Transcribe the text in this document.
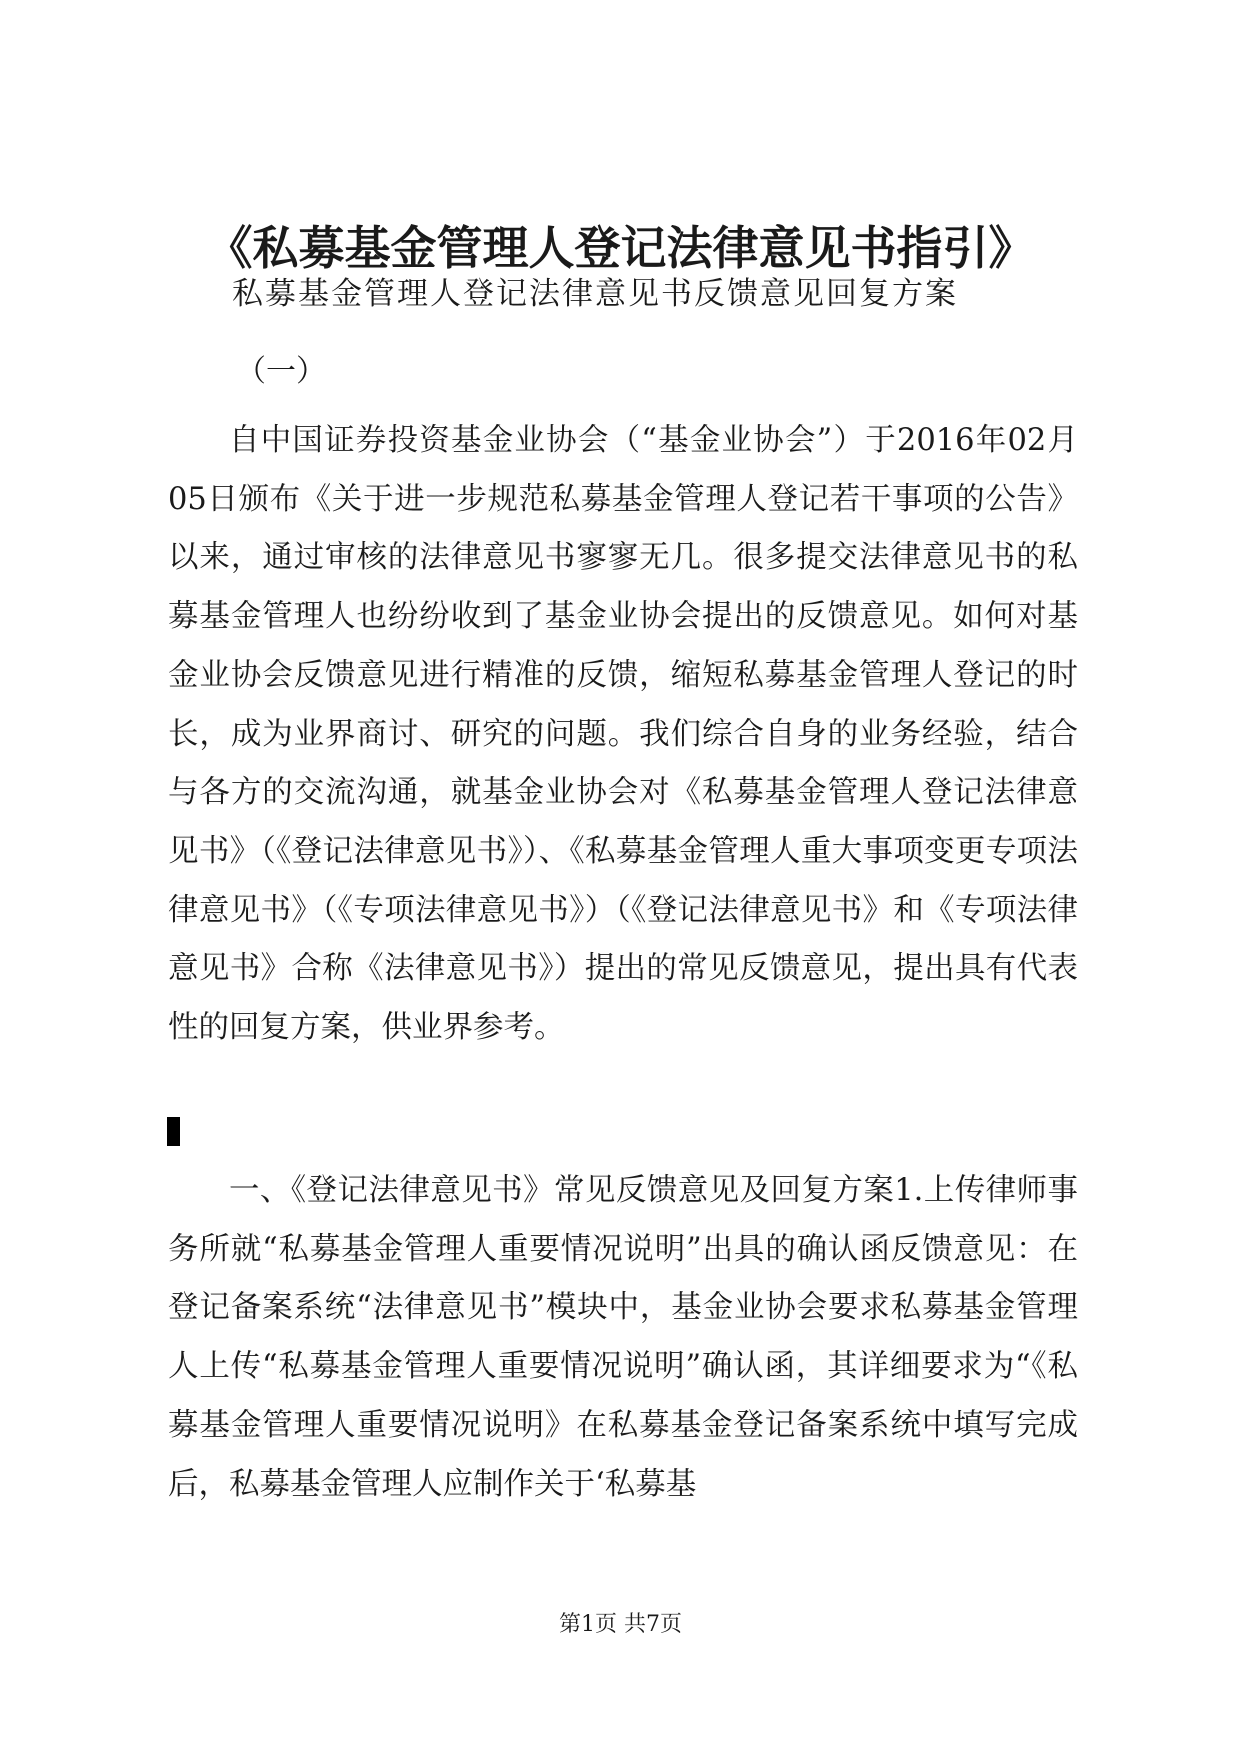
《私募基金管理人登记法律意见书指引》
私募基金管理人登记法律意见书反馈意见回复方案
（一）

自中国证券投资基金业协会（“基金业协会”）于2016年02月05日颁布《关于进一步规范私募基金管理人登记若干事项的公告》以来，通过审核的法律意见书寥寥无几。很多提交法律意见书的私募基金管理人也纷纷收到了基金业协会提出的反馈意见。如何对基金业协会反馈意见进行精准的反馈，缩短私募基金管理人登记的时长，成为业界商讨、研究的问题。我们综合自身的业务经验，结合与各方的交流沟通，就基金业协会对《私募基金管理人登记法律意见书》（《登记法律意见书》）、《私募基金管理人重大事项变更专项法律意见书》（《专项法律意见书》）（《登记法律意见书》和《专项法律意见书》合称《法律意见书》）提出的常见反馈意见，提出具有代表性的回复方案，供业界参考。

一、《登记法律意见书》常见反馈意见及回复方案1.上传律师事务所就“私募基金管理人重要情况说明”出具的确认函反馈意见：在登记备案系统“法律意见书”模块中，基金业协会要求私募基金管理人上传“私募基金管理人重要情况说明”确认函，其详细要求为“《私募基金管理人重要情况说明》在私募基金登记备案系统中填写完成后，私募基金管理人应制作关于‘私募基

第1页 共7页
